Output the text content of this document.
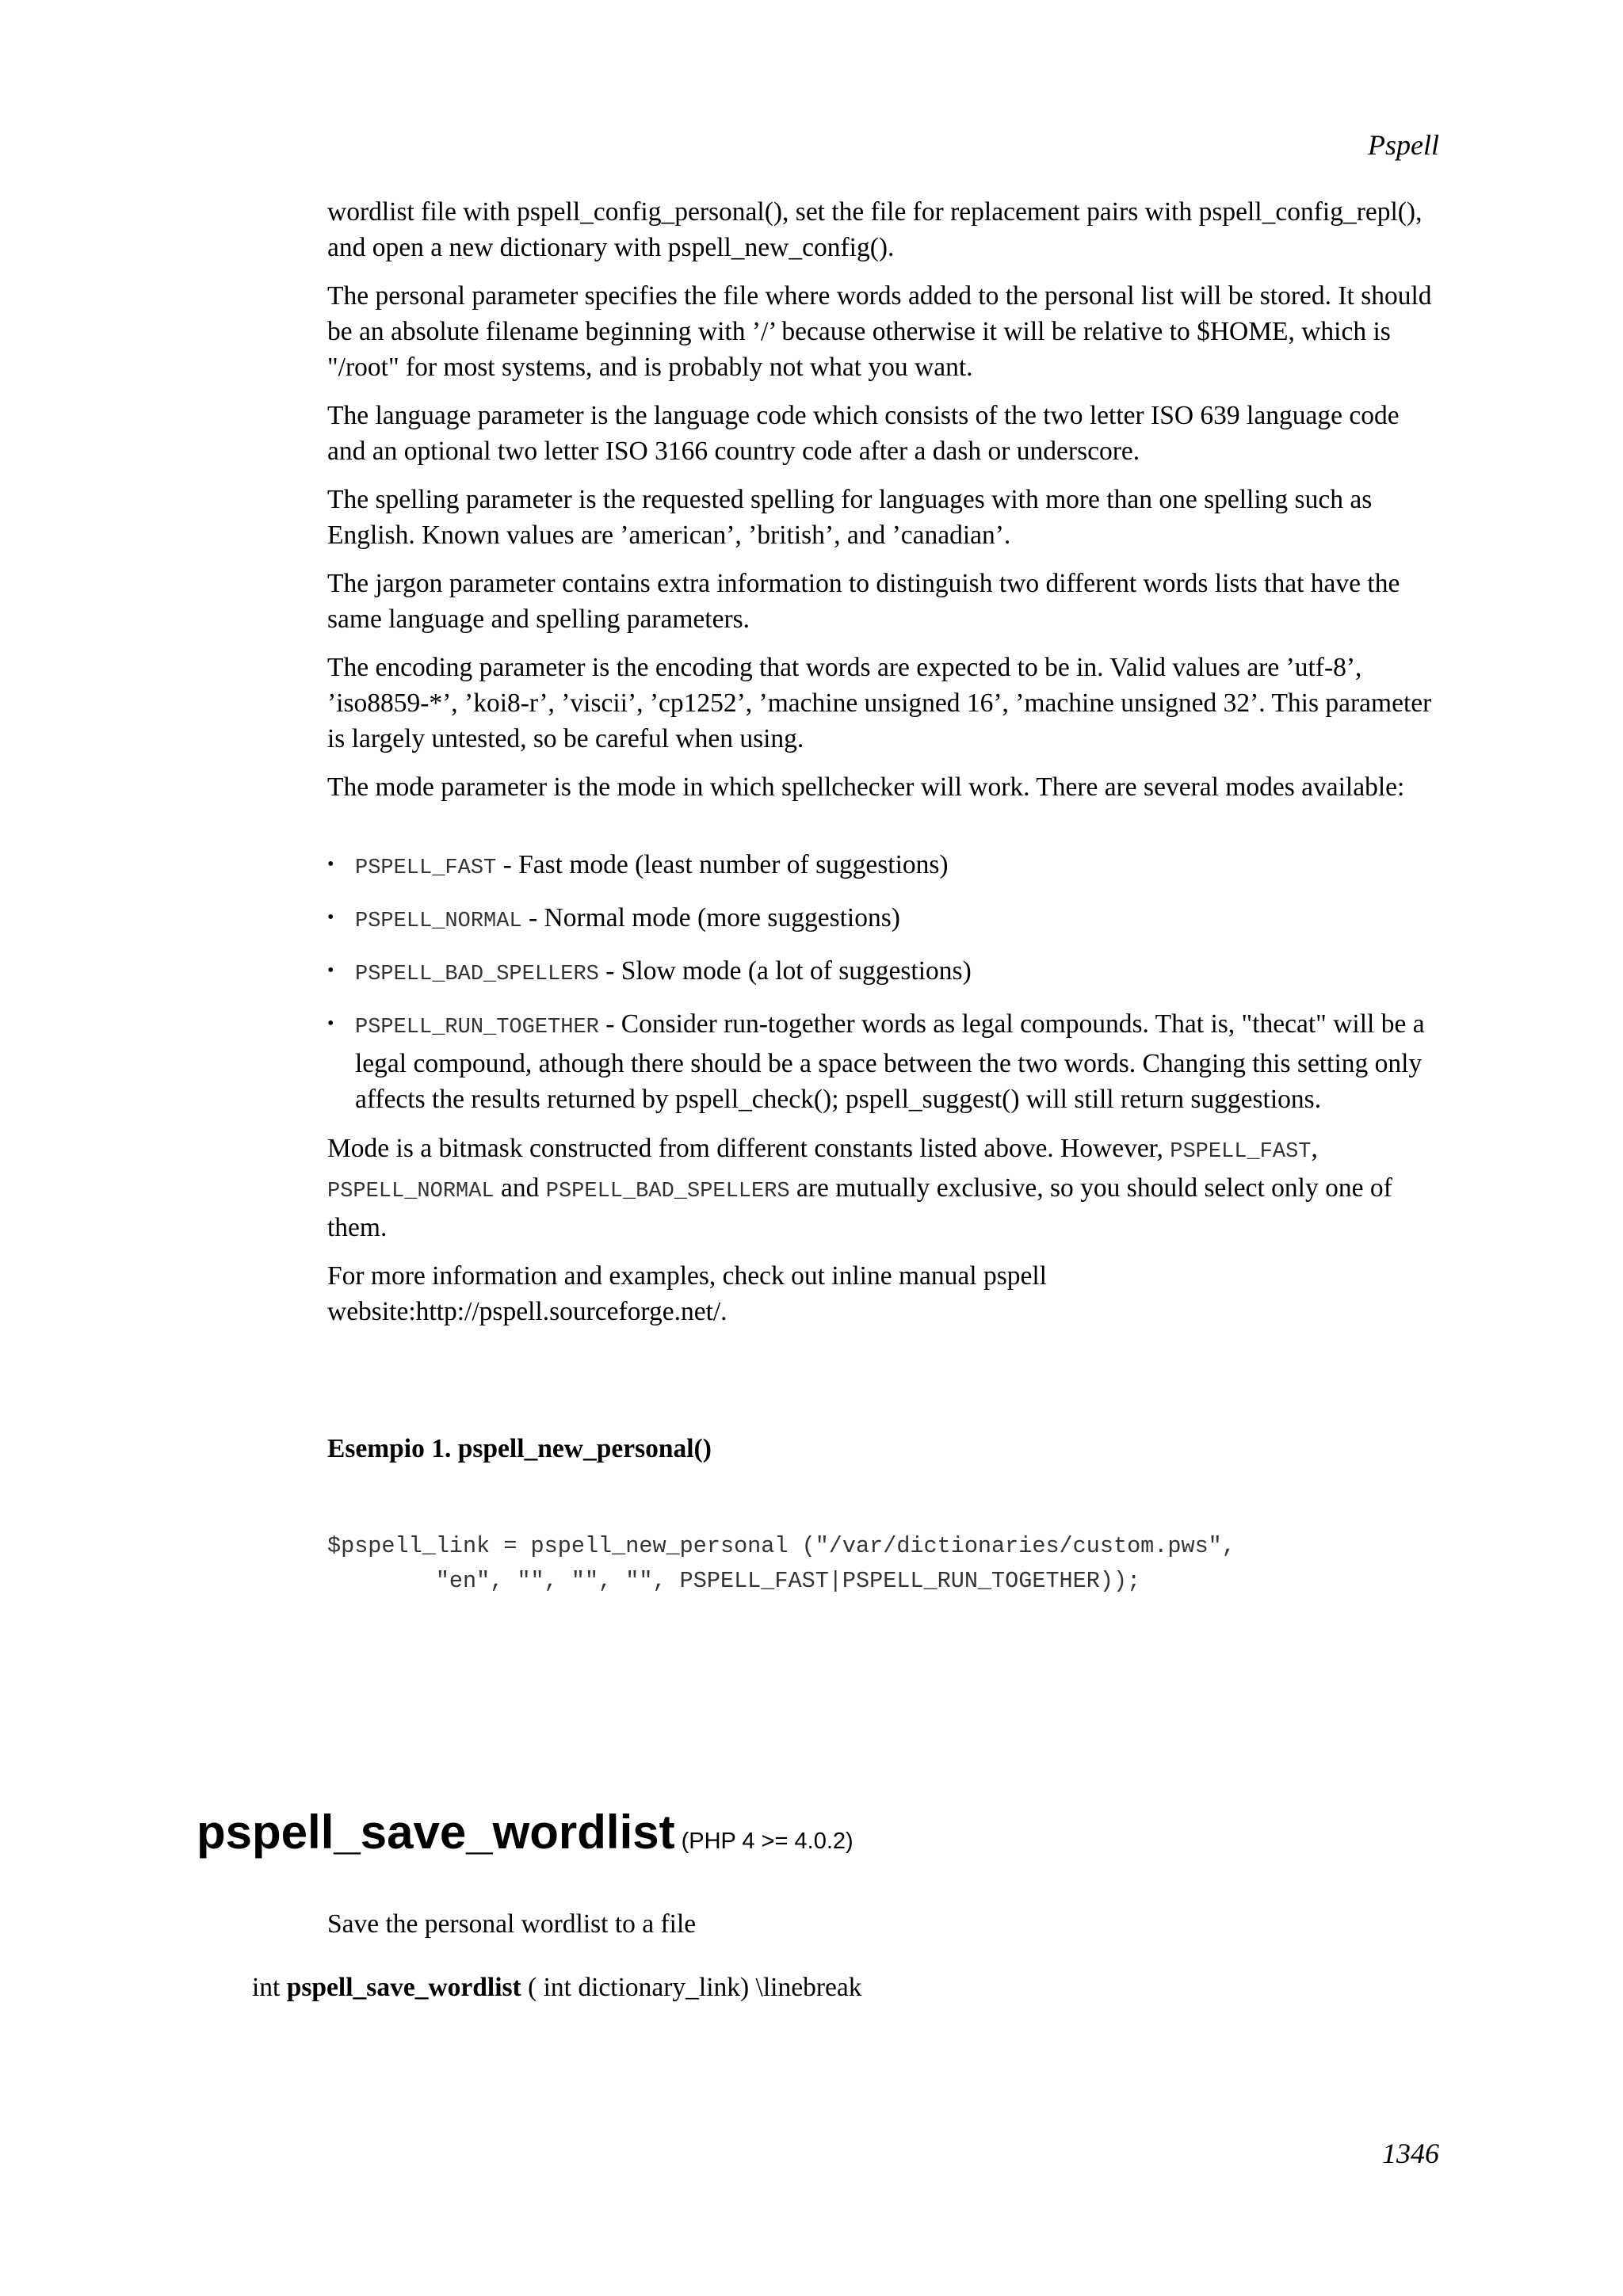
Pspell

wordlist file with pspell_config_personal(), set the file for replacement pairs with pspell_config_repl(), and open a new dictionary with pspell_new_config().

The personal parameter specifies the file where words added to the personal list will be stored. It should be an absolute filename beginning with ’/’ because otherwise it will be relative to $HOME, which is "/root" for most systems, and is probably not what you want.

The language parameter is the language code which consists of the two letter ISO 639 language code and an optional two letter ISO 3166 country code after a dash or underscore.

The spelling parameter is the requested spelling for languages with more than one spelling such as English. Known values are ’american’, ’british’, and ’canadian’.

The jargon parameter contains extra information to distinguish two different words lists that have the same language and spelling parameters.

The encoding parameter is the encoding that words are expected to be in. Valid values are ’utf-8’, ’iso8859-*’, ’koi8-r’, ’viscii’, ’cp1252’, ’machine unsigned 16’, ’machine unsigned 32’. This parameter is largely untested, so be careful when using.

The mode parameter is the mode in which spellchecker will work. There are several modes available:

• PSPELL_FAST - Fast mode (least number of suggestions)
• PSPELL_NORMAL - Normal mode (more suggestions)
• PSPELL_BAD_SPELLERS - Slow mode (a lot of suggestions)
• PSPELL_RUN_TOGETHER - Consider run-together words as legal compounds. That is, "thecat" will be a legal compound, athough there should be a space between the two words. Changing this setting only affects the results returned by pspell_check(); pspell_suggest() will still return suggestions.

Mode is a bitmask constructed from different constants listed above. However, PSPELL_FAST, PSPELL_NORMAL and PSPELL_BAD_SPELLERS are mutually exclusive, so you should select only one of them.

For more information and examples, check out inline manual pspell website:http://pspell.sourceforge.net/.

Esempio 1. pspell_new_personal()
$pspell_link = pspell_new_personal ("/var/dictionaries/custom.pws",
"en", "", "", "", PSPELL_FAST|PSPELL_RUN_TOGETHER));
pspell_save_wordlist (PHP 4 >= 4.0.2)
Save the personal wordlist to a file
int pspell_save_wordlist ( int dictionary_link) \linebreak
1346
